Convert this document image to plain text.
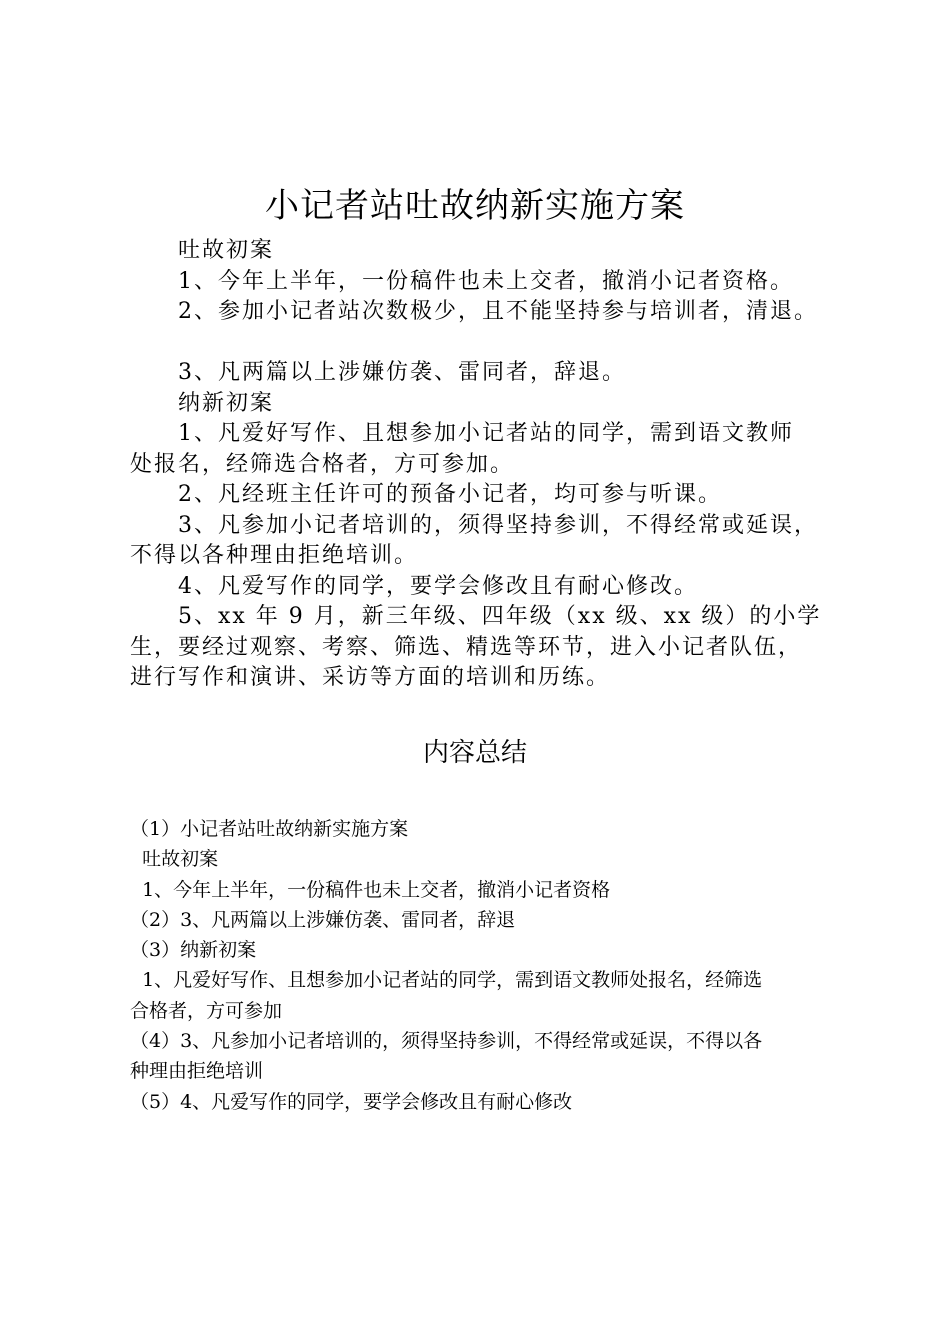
小记者站吐故纳新实施方案

吐故初案

1、今年上半年，一份稿件也未上交者，撤消小记者资格。

2、参加小记者站次数极少，且不能坚持参与培训者，清退。

3、凡两篇以上涉嫌仿袭、雷同者，辞退。

纳新初案

1、凡爱好写作、且想参加小记者站的同学，需到语文教师

处报名，经筛选合格者，方可参加。

2、凡经班主任许可的预备小记者，均可参与听课。

3、凡参加小记者培训的，须得坚持参训，不得经常或延误，

不得以各种理由拒绝培训。

4、凡爱写作的同学，要学会修改且有耐心修改。

5、xx 年 9 月，新三年级、四年级（xx 级、xx 级）的小学

生，要经过观察、考察、筛选、精选等环节，进入小记者队伍，

进行写作和演讲、采访等方面的培训和历练。

内容总结

（1）小记者站吐故纳新实施方案

吐故初案

1、今年上半年，一份稿件也未上交者，撤消小记者资格

（2）3、凡两篇以上涉嫌仿袭、雷同者，辞退

（3）纳新初案

1、凡爱好写作、且想参加小记者站的同学，需到语文教师处报名，经筛选

合格者，方可参加

（4）3、凡参加小记者培训的，须得坚持参训，不得经常或延误，不得以各

种理由拒绝培训

（5）4、凡爱写作的同学，要学会修改且有耐心修改
